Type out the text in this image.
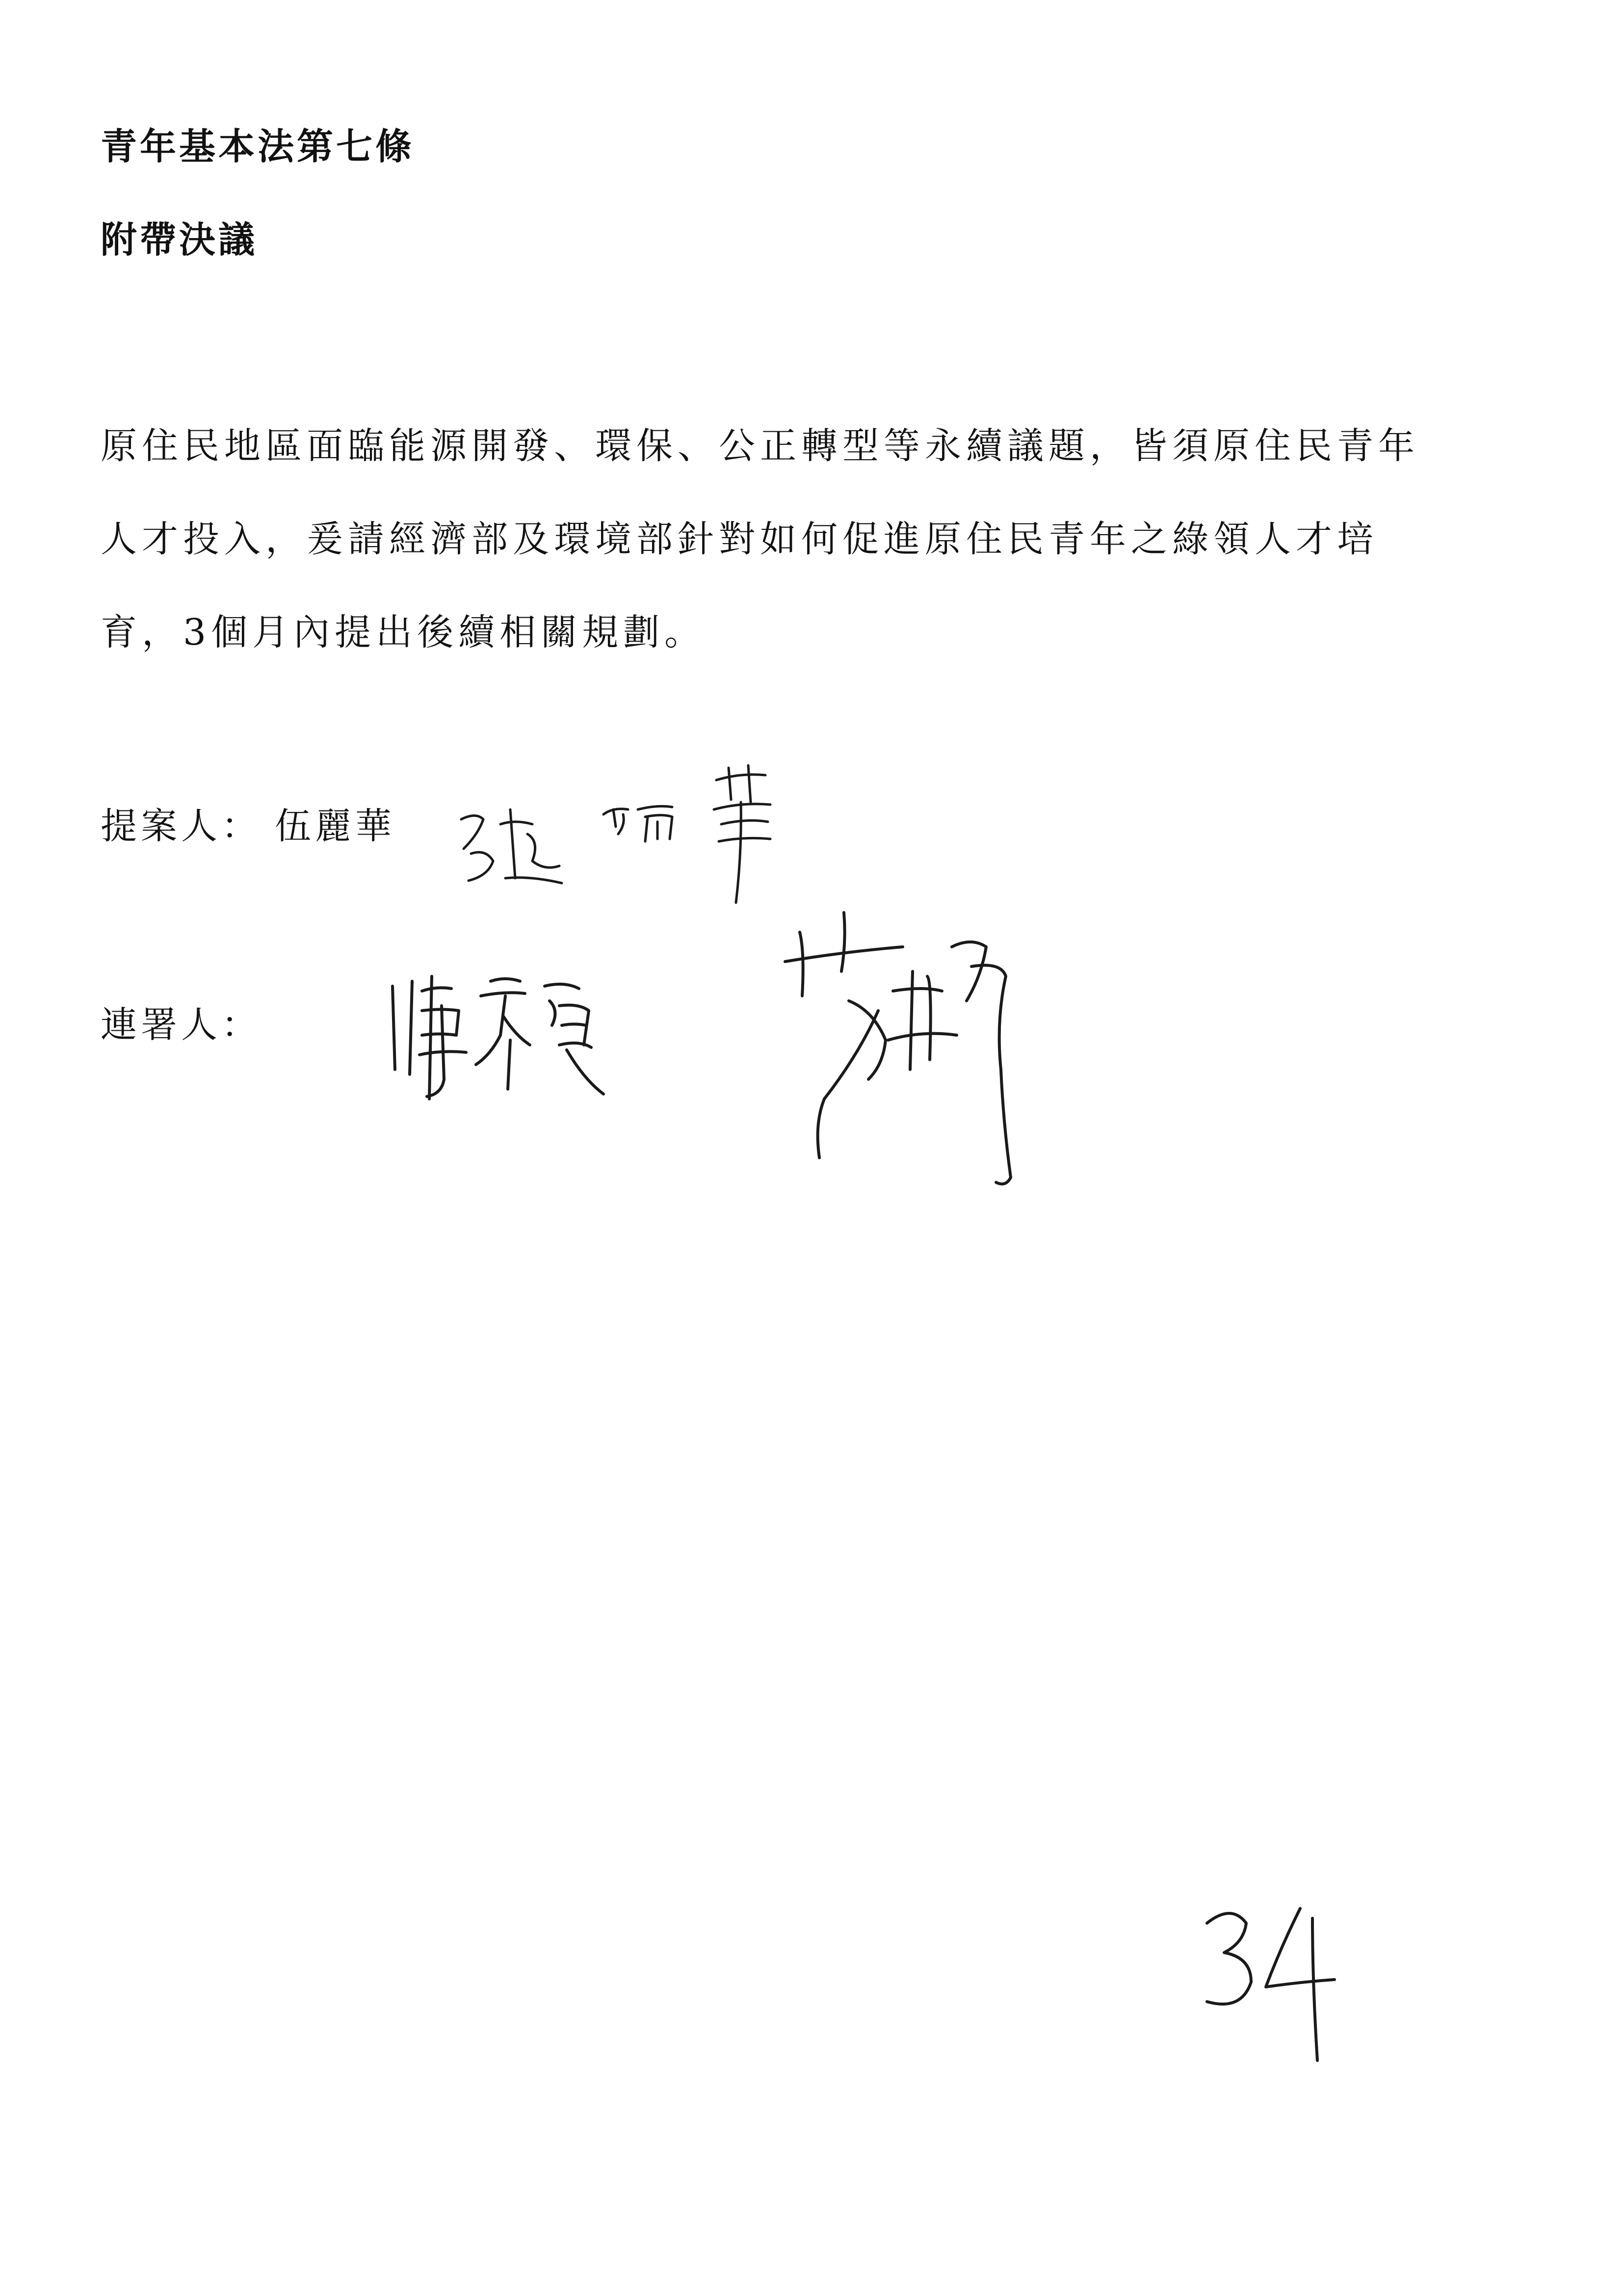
青年基本法第七條
附帶決議
原住民地區面臨能源開發、環保、公正轉型等永續議題，皆須原住民青年
人才投入，爰請經濟部及環境部針對如何促進原住民青年之綠領人才培
育，3個月內提出後續相關規劃。
提案人： 伍麗華
連署人：
